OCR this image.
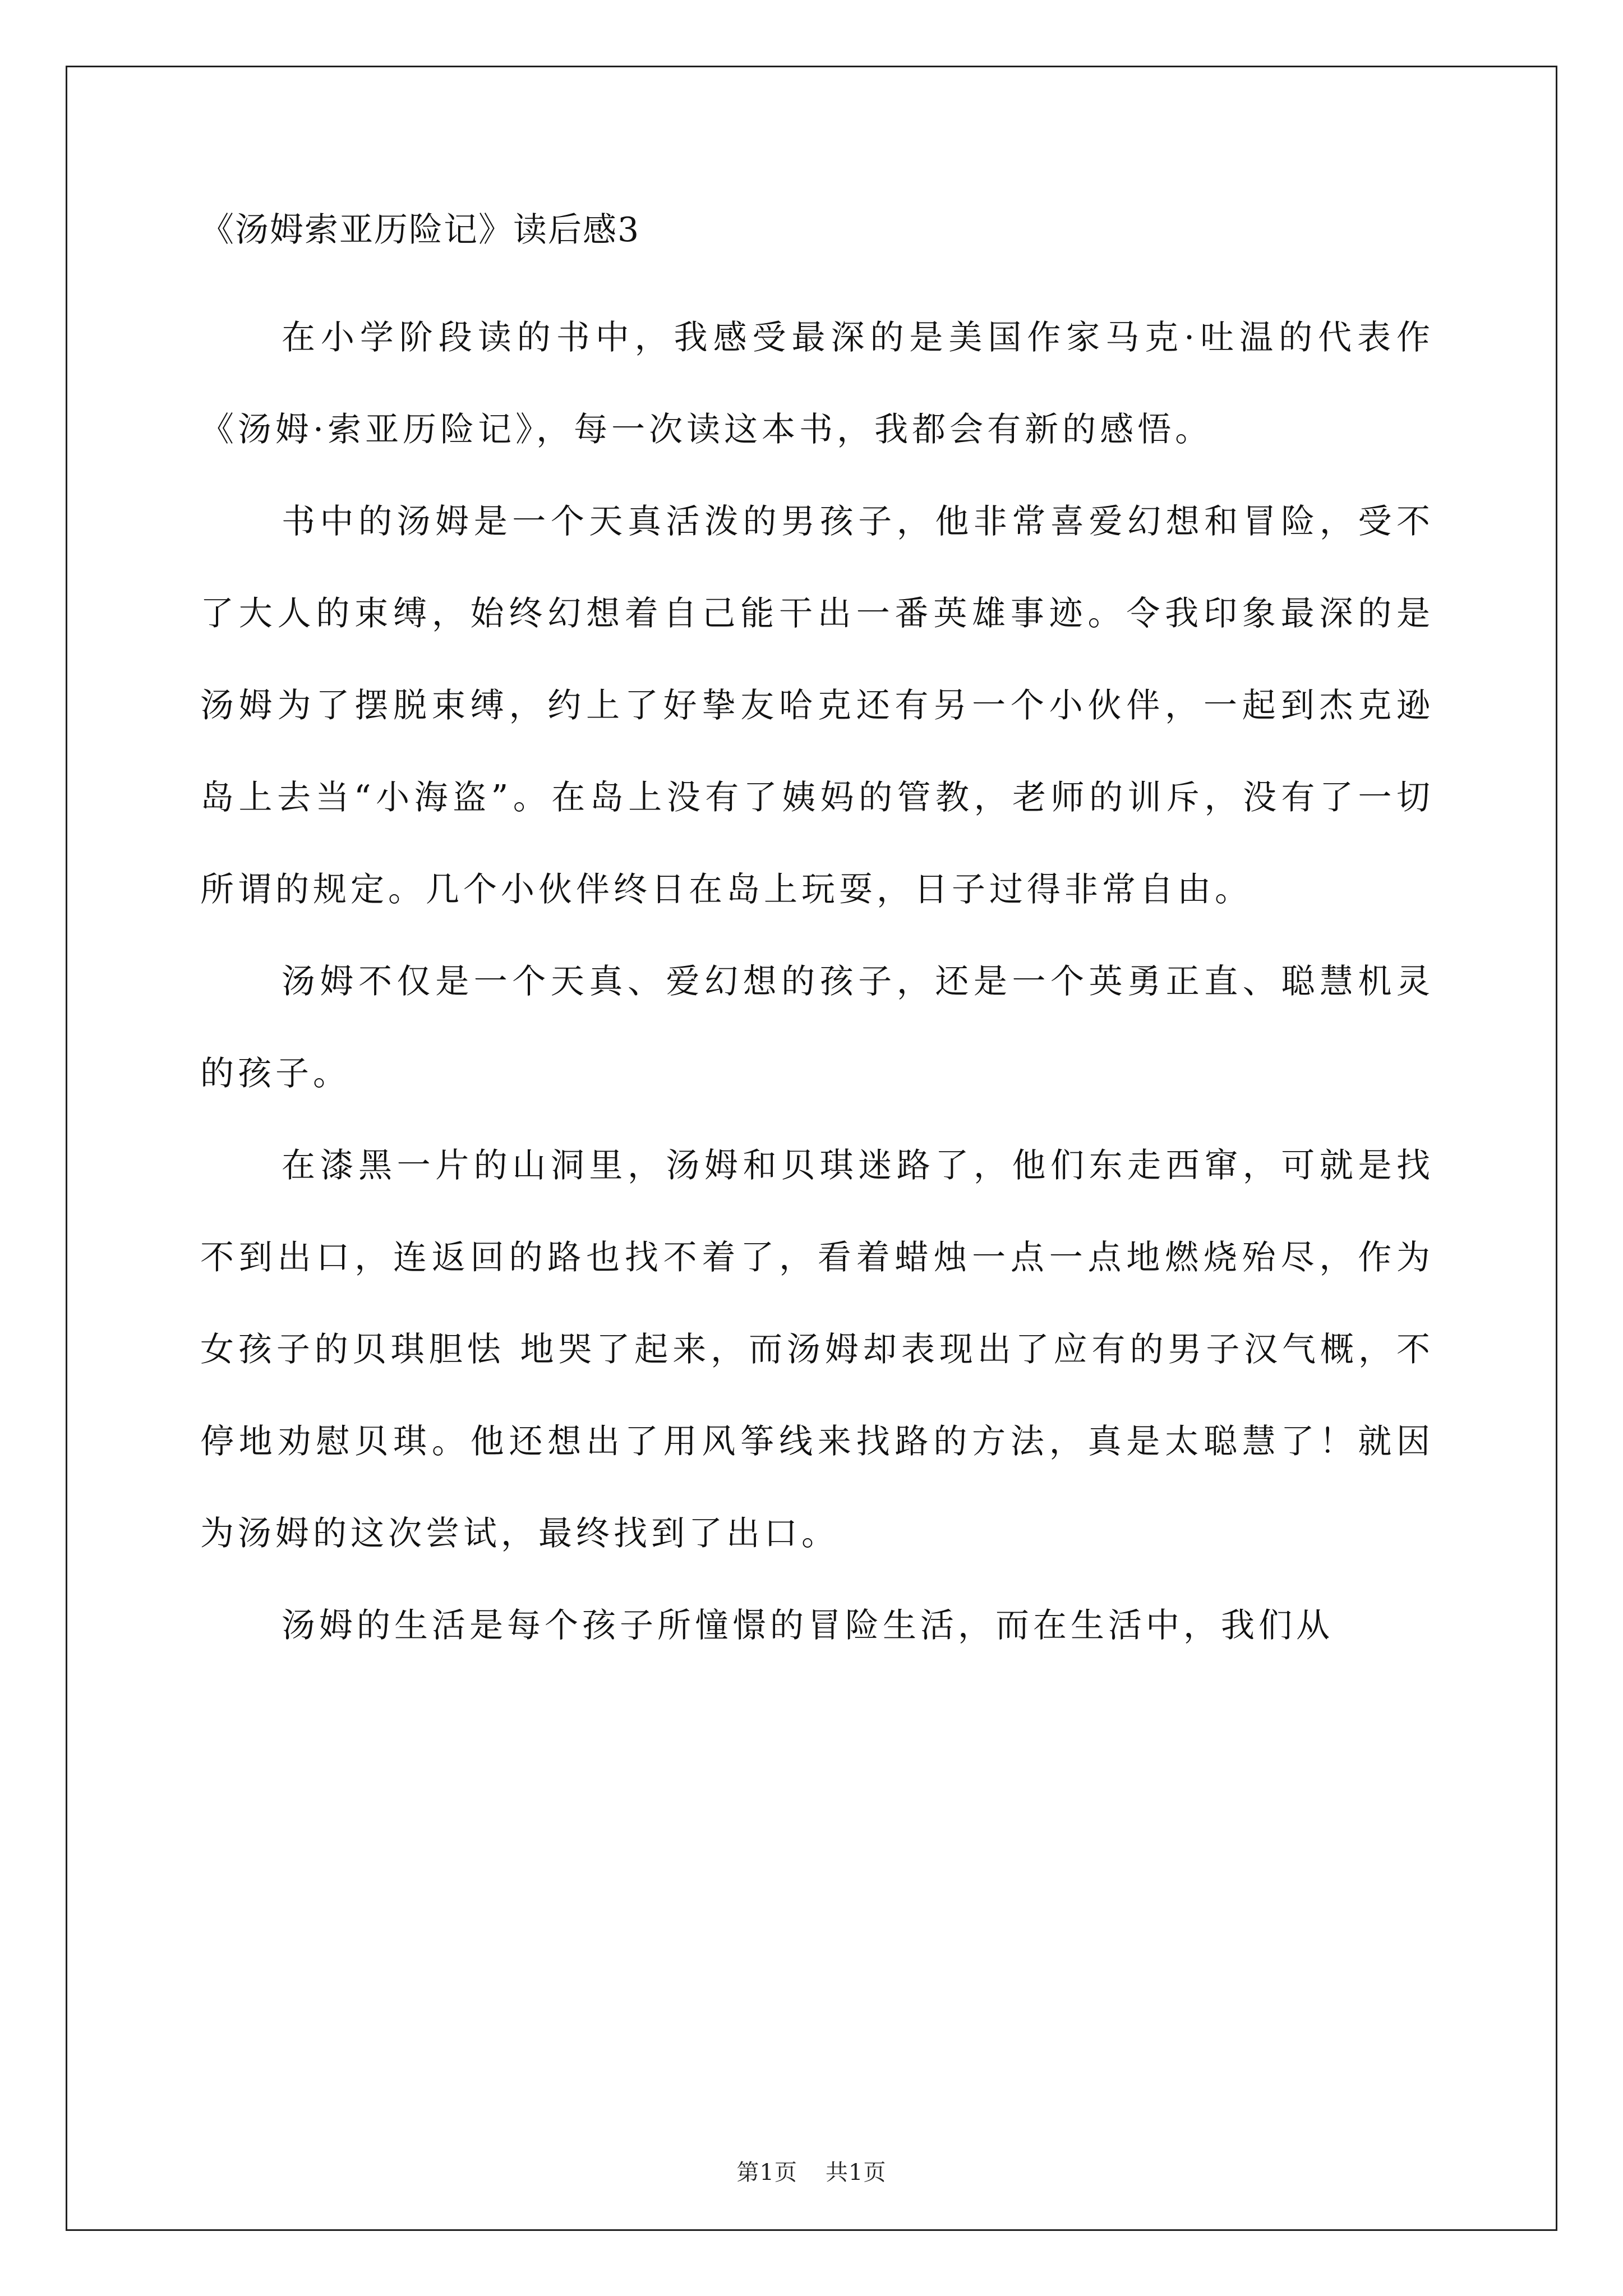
《汤姆索亚历险记》读后感3

在小学阶段读的书中，我感受最深的是美国作家马克·吐温的代表作《汤姆·索亚历险记》，每一次读这本书，我都会有新的感悟。

书中的汤姆是一个天真活泼的男孩子，他非常喜爱幻想和冒险，受不了大人的束缚，始终幻想着自己能干出一番英雄事迹。令我印象最深的是汤姆为了摆脱束缚，约上了好挚友哈克还有另一个小伙伴，一起到杰克逊岛上去当“小海盗”。在岛上没有了姨妈的管教，老师的训斥，没有了一切所谓的规定。几个小伙伴终日在岛上玩耍，日子过得非常自由。

汤姆不仅是一个天真、爱幻想的孩子，还是一个英勇正直、聪慧机灵的孩子。

在漆黑一片的山洞里，汤姆和贝琪迷路了，他们东走西窜，可就是找不到出口，连返回的路也找不着了，看着蜡烛一点一点地燃烧殆尽，作为女孩子的贝琪胆怯 地哭了起来，而汤姆却表现出了应有的男子汉气概，不停地劝慰贝琪。他还想出了用风筝线来找路的方法，真是太聪慧了！就因为汤姆的这次尝试，最终找到了出口。

汤姆的生活是每个孩子所憧憬的冒险生活，而在生活中，我们从

第1页 共1页
